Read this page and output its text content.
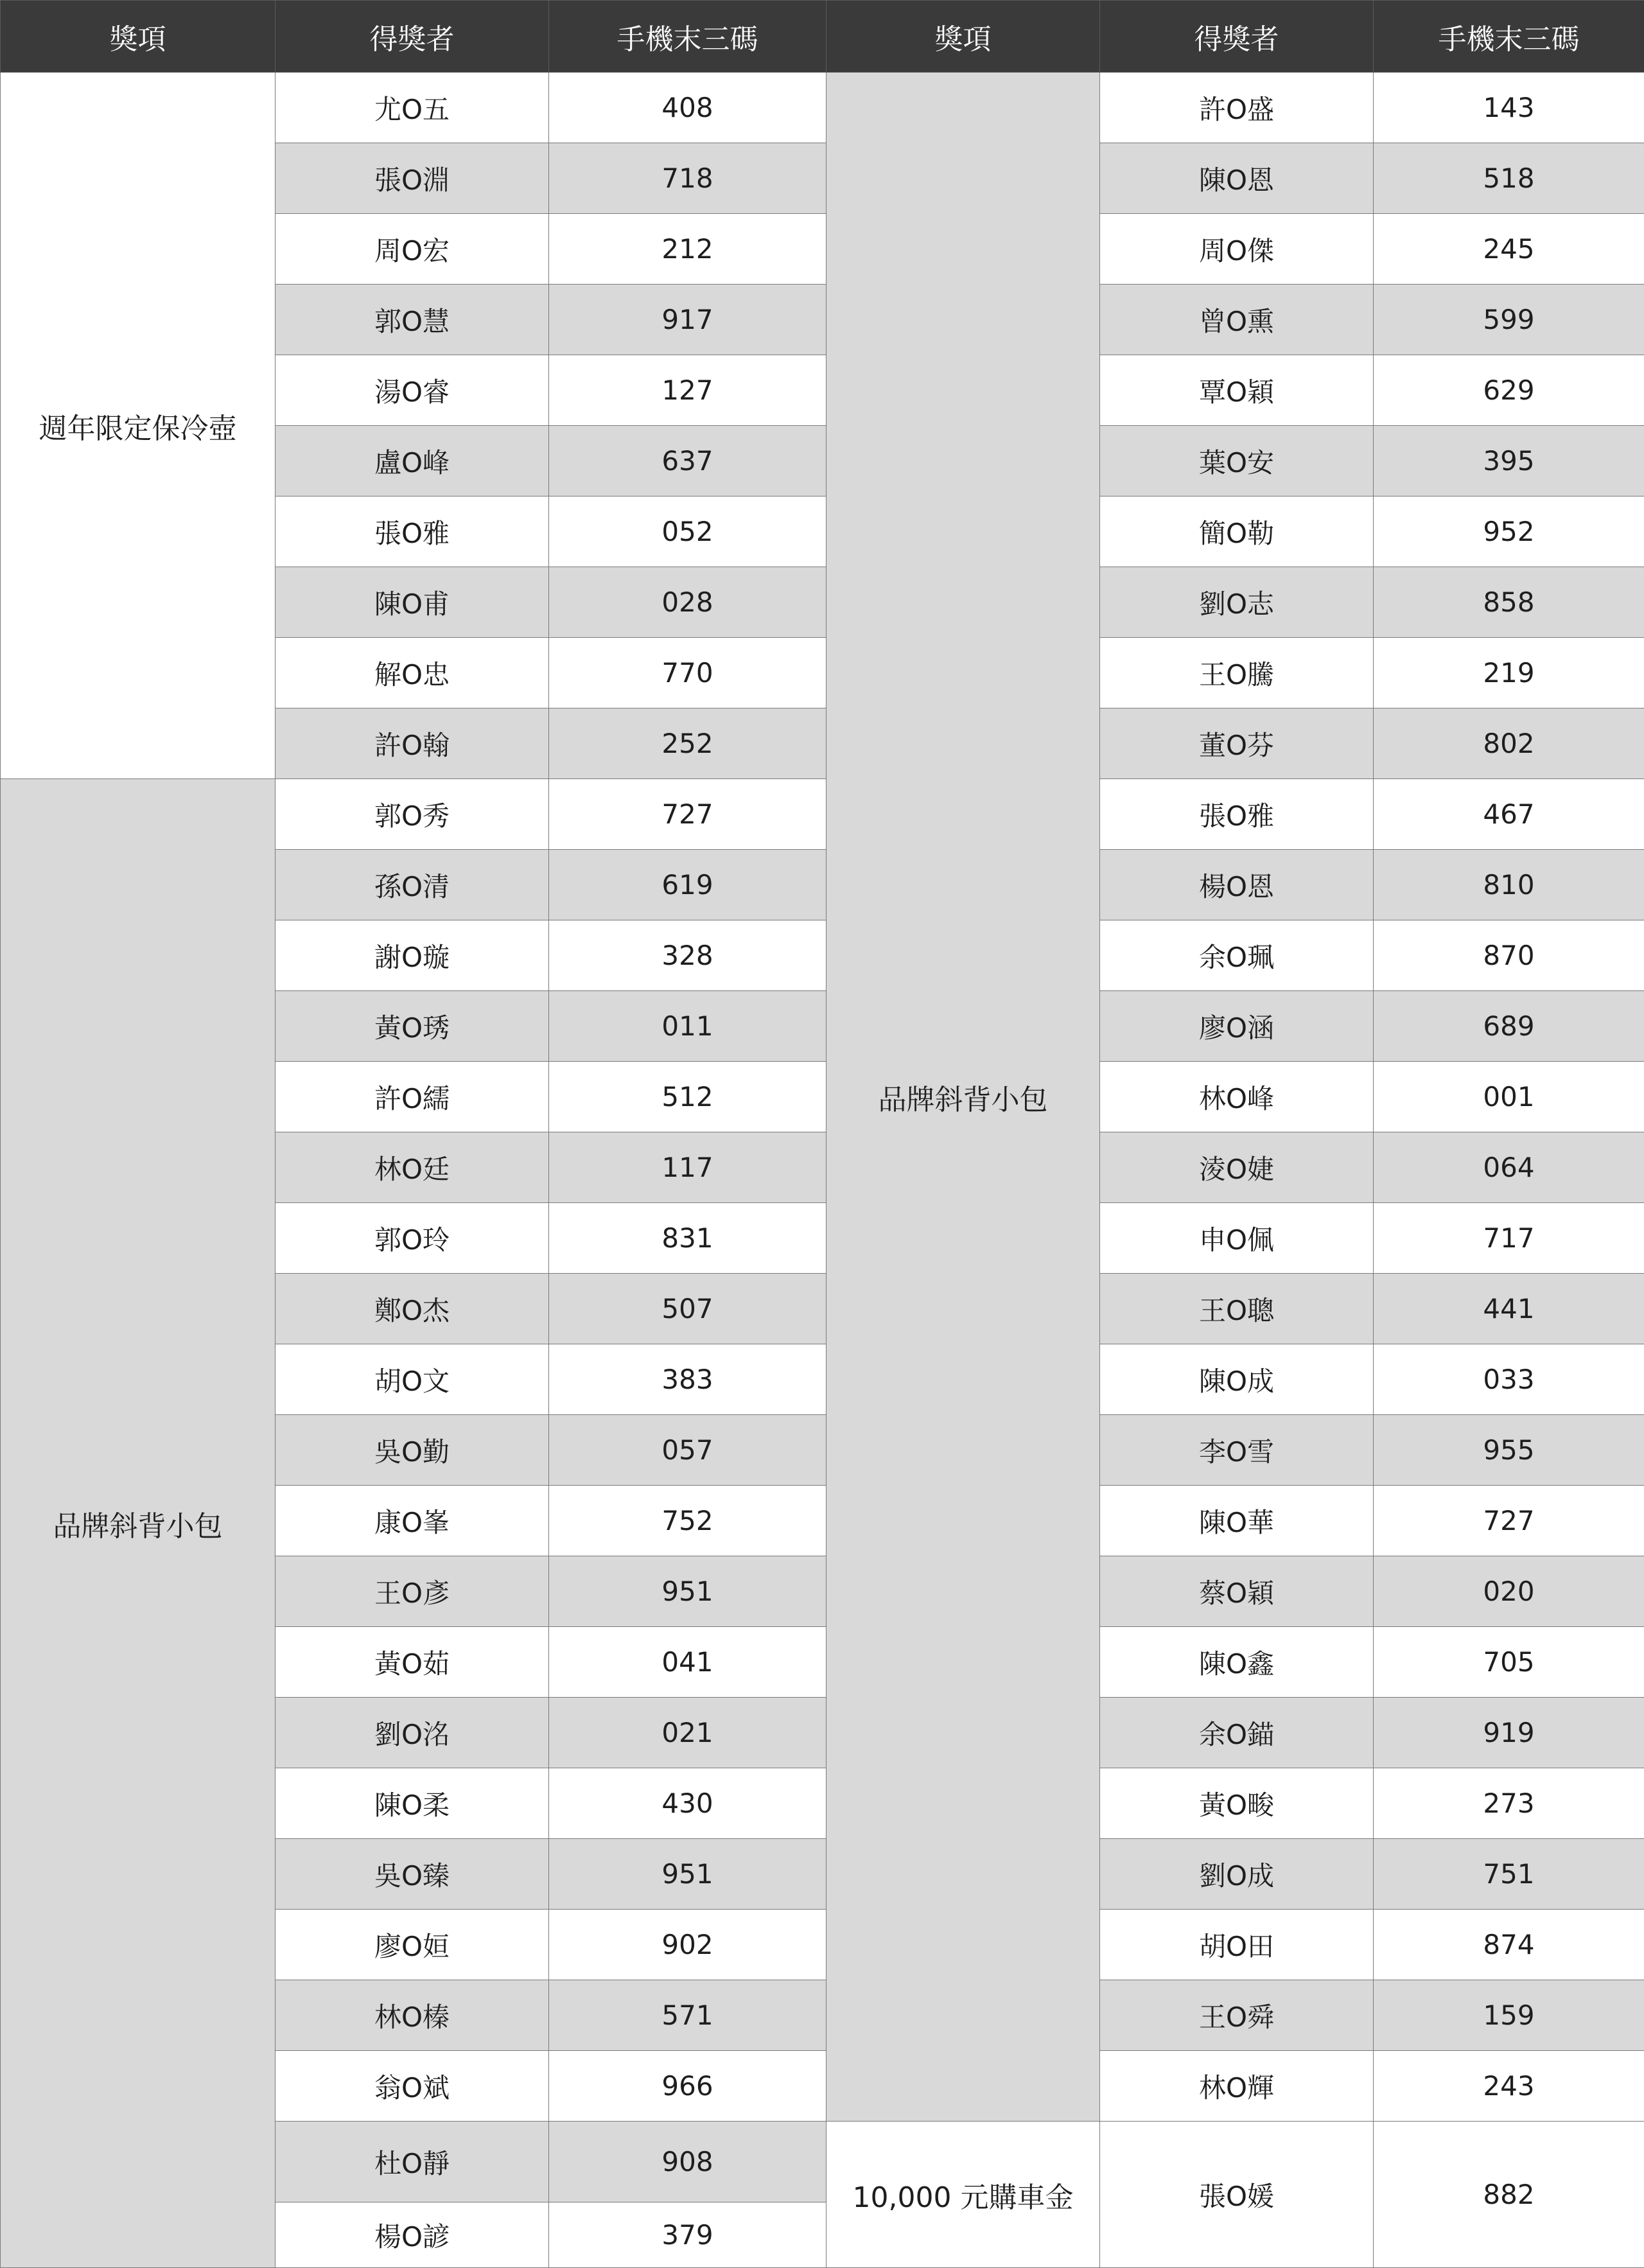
獎項	得獎者	手機末三碼
週年限定保冷壺	尤O五	408
	張O淵	718
	周O宏	212
	郭O慧	917
	湯O睿	127
	盧O峰	637
	張O雅	052
	陳O甫	028
	解O忠	770
	許O翰	252
品牌斜背小包	郭O秀	727
	孫O清	619
	謝O璇	328
	黃O琇	011
	許O繻	512
	林O廷	117
	郭O玲	831
	鄭O杰	507
	胡O文	383
	吳O勤	057
	康O峯	752
	王O彥	951
	黃O茹	041
	劉O洺	021
	陳O柔	430
	吳O臻	951
	廖O姮	902
	林O榛	571
	翁O斌	966
	杜O靜	908
	楊O諺	379
獎項	得獎者	手機末三碼
品牌斜背小包	許O盛	143
	陳O恩	518
	周O傑	245
	曾O熏	599
	覃O穎	629
	葉O安	395
	簡O勒	952
	劉O志	858
	王O騰	219
	董O芬	802
	張O雅	467
	楊O恩	810
	余O珮	870
	廖O涵	689
	林O峰	001
	淩O婕	064
	申O佩	717
	王O聰	441
	陳O成	033
	李O雪	955
	陳O華	727
	蔡O穎	020
	陳O鑫	705
	余O錨	919
	黃O畯	273
	劉O成	751
	胡O田	874
	王O舜	159
	林O輝	243
10,000 元購車金	張O媛	882
